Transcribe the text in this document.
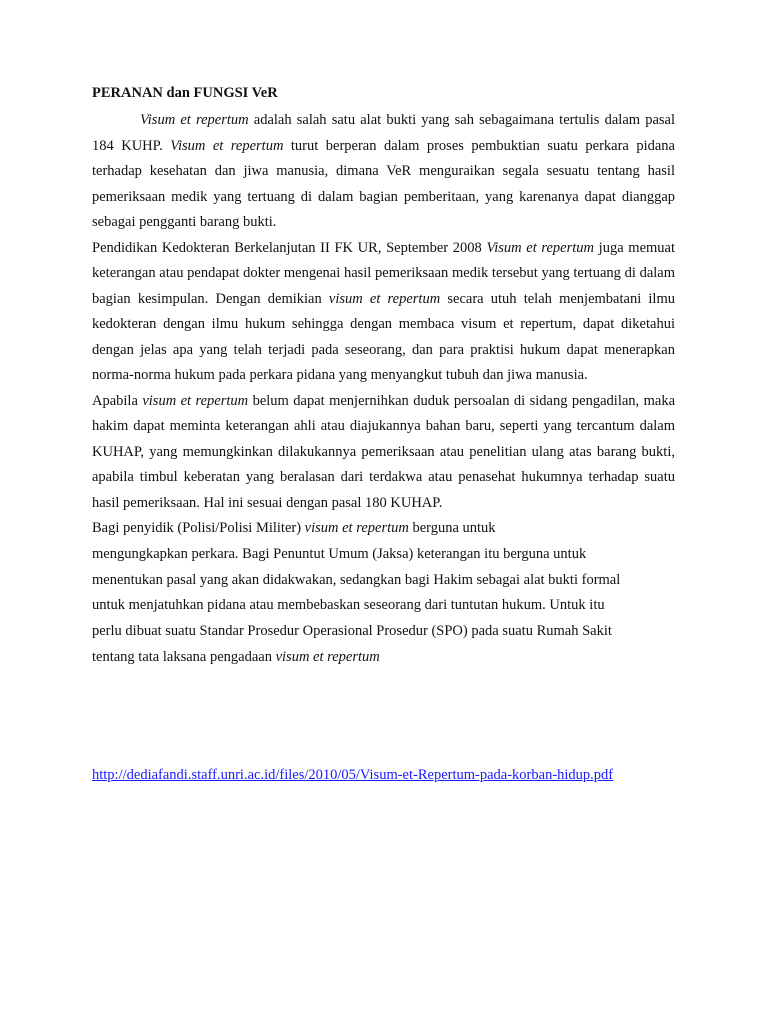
PERANAN dan FUNGSI VeR

Visum et repertum adalah salah satu alat bukti yang sah sebagaimana tertulis dalam pasal 184 KUHP. Visum et repertum turut berperan dalam proses pembuktian suatu perkara pidana terhadap kesehatan dan jiwa manusia, dimana VeR menguraikan segala sesuatu tentang hasil pemeriksaan medik yang tertuang di dalam bagian pemberitaan, yang karenanya dapat dianggap sebagai pengganti barang bukti.

Pendidikan Kedokteran Berkelanjutan II FK UR, September 2008 Visum et repertum juga memuat keterangan atau pendapat dokter mengenai hasil pemeriksaan medik tersebut yang tertuang di dalam bagian kesimpulan. Dengan demikian visum et repertum secara utuh telah menjembatani ilmu kedokteran dengan ilmu hukum sehingga dengan membaca visum et repertum, dapat diketahui dengan jelas apa yang telah terjadi pada seseorang, dan para praktisi hukum dapat menerapkan norma-norma hukum pada perkara pidana yang menyangkut tubuh dan jiwa manusia.

Apabila visum et repertum belum dapat menjernihkan duduk persoalan di sidang pengadilan, maka hakim dapat meminta keterangan ahli atau diajukannya bahan baru, seperti yang tercantum dalam KUHAP, yang memungkinkan dilakukannya pemeriksaan atau penelitian ulang atas barang bukti, apabila timbul keberatan yang beralasan dari terdakwa atau penasehat hukumnya terhadap suatu hasil pemeriksaan. Hal ini sesuai dengan pasal 180 KUHAP.

Bagi penyidik (Polisi/Polisi Militer) visum et repertum berguna untuk
mengungkapkan perkara. Bagi Penuntut Umum (Jaksa) keterangan itu berguna untuk
menentukan pasal yang akan didakwakan, sedangkan bagi Hakim sebagai alat bukti formal
untuk menjatuhkan pidana atau membebaskan seseorang dari tuntutan hukum. Untuk itu
perlu dibuat suatu Standar Prosedur Operasional Prosedur (SPO) pada suatu Rumah Sakit
tentang tata laksana pengadaan visum et repertum

http://dediafandi.staff.unri.ac.id/files/2010/05/Visum-et-Repertum-pada-korban-hidup.pdf
